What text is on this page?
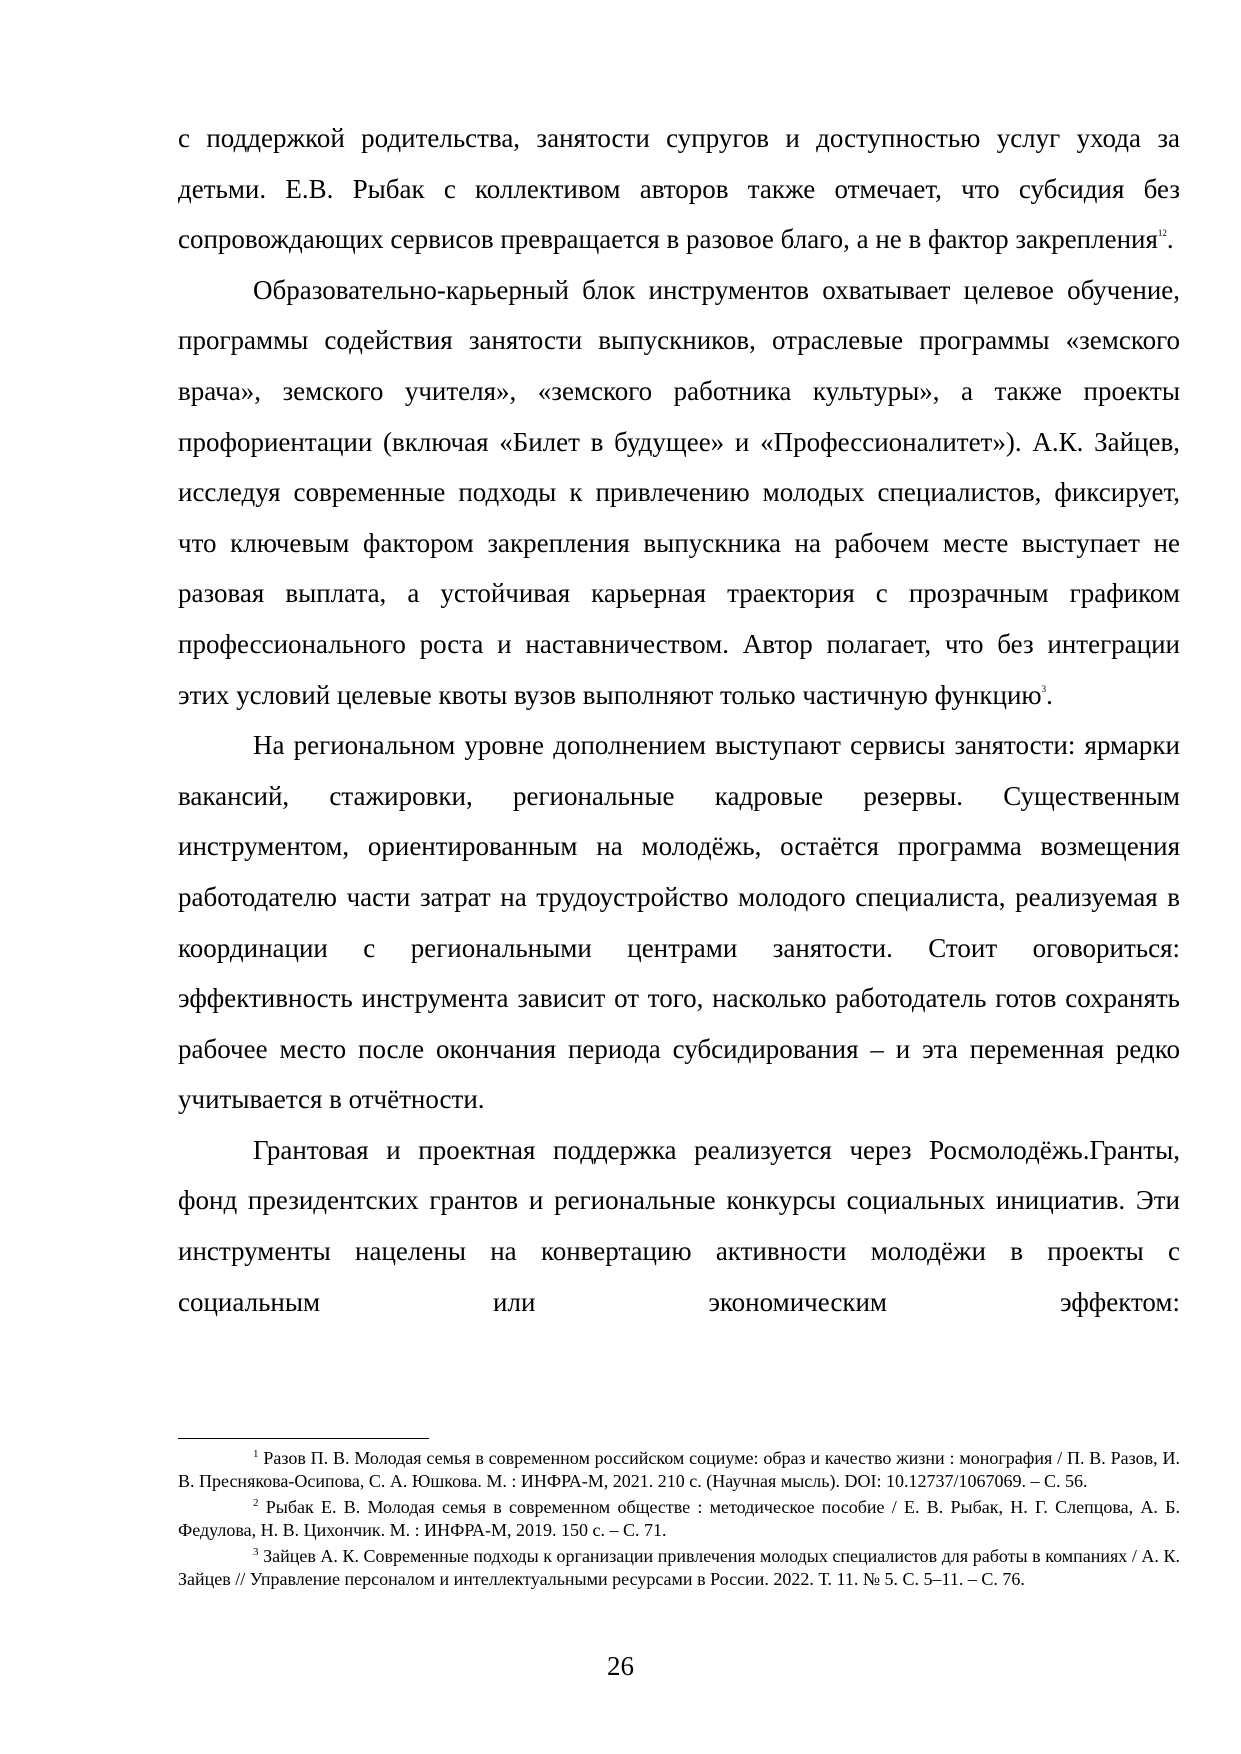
с поддержкой родительства, занятости супругов и доступностью услуг ухода за детьми. Е.В. Рыбак с коллективом авторов также отмечает, что субсидия без сопровождающих сервисов превращается в разовое благо, а не в фактор закрепления$^{12}$.

Образовательно-карьерный блок инструментов охватывает целевое обучение, программы содействия занятости выпускников, отраслевые программы «земского врача», земского учителя», «земского работника культуры», а также проекты профориентации (включая «Билет в будущее» и «Профессионалитет»). А.К. Зайцев, исследуя современные подходы к привлечению молодых специалистов, фиксирует, что ключевым фактором закрепления выпускника на рабочем месте выступает не разовая выплата, а устойчивая карьерная траектория с прозрачным графиком профессионального роста и наставничеством. Автор полагает, что без интеграции этих условий целевые квоты вузов выполняют только частичную функцию$^3$.

На региональном уровне дополнением выступают сервисы занятости: ярмарки вакансий, стажировки, региональные кадровые резервы. Существенным инструментом, ориентированным на молодёжь, остаётся программа возмещения работодателю части затрат на трудоустройство молодого специалиста, реализуемая в координации с региональными центрами занятости. Стоит оговориться: эффективность инструмента зависит от того, насколько работодатель готов сохранять рабочее место после окончания периода субсидирования – и эта переменная редко учитывается в отчётности.

Грантовая и проектная поддержка реализуется через Росмолодёжь.Гранты, фонд президентских грантов и региональные конкурсы социальных инициатив. Эти инструменты нацелены на конвертацию активности молодёжи в проекты с социальным или экономическим эффектом:

$^1$ Разов П. В. Молодая семья в современном российском социуме: образ и качество жизни : монография / П. В. Разов, И. В. Преснякова-Осипова, С. А. Юшкова. М. : ИНФРА-М, 2021. 210 с. (Научная мысль). DOI: 10.12737/1067069. – С. 56.

$^2$ Рыбак Е. В. Молодая семья в современном обществе : методическое пособие / Е. В. Рыбак, Н. Г. Слепцова, А. Б. Федулова, Н. В. Цихончик. М. : ИНФРА-М, 2019. 150 с. – С. 71.

$^3$ Зайцев А. К. Современные подходы к организации привлечения молодых специалистов для работы в компаниях / А. К. Зайцев // Управление персоналом и интеллектуальными ресурсами в России. 2022. Т. 11. № 5. С. 5–11. – С. 76.

26
